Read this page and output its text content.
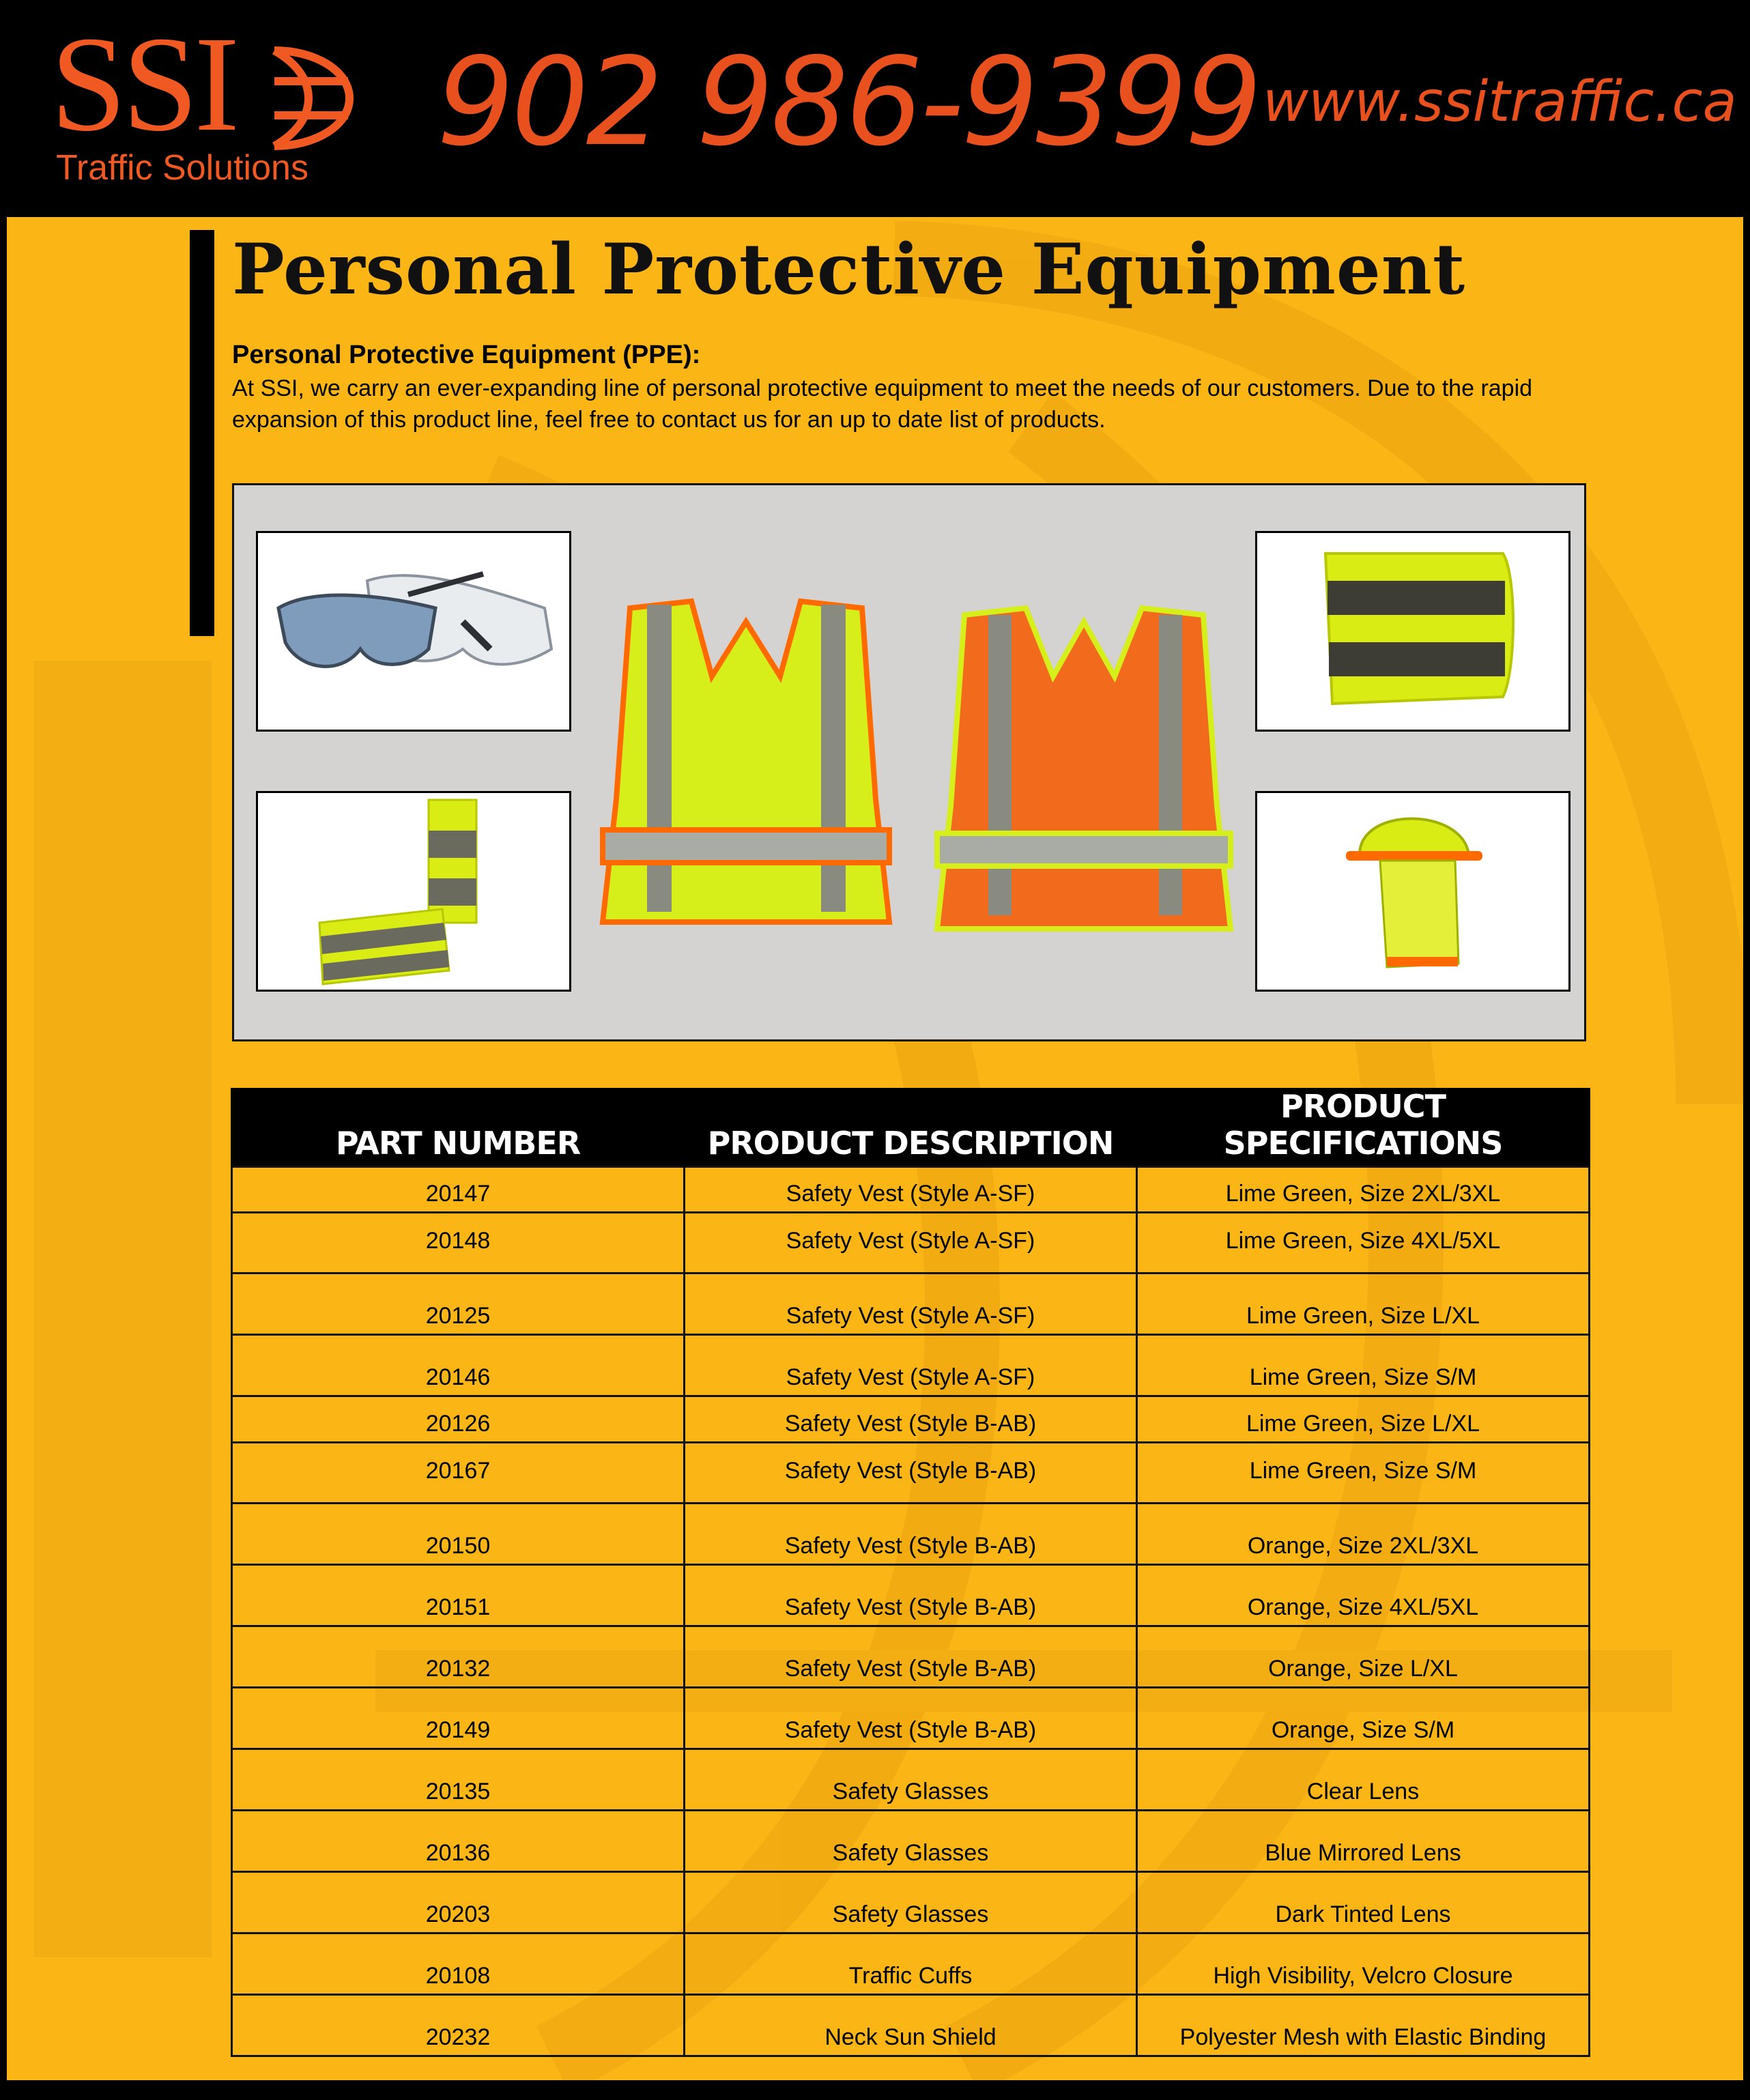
SSI
Traffic Solutions 902 986-9399 www.ssitraffic.ca
Personal Protective Equipment
Personal Protective Equipment (PPE):
At SSI, we carry an ever-expanding line of personal protective equipment to meet the needs of our customers. Due to the rapid expansion of this product line, feel free to contact us for an up to date list of products.
PART NUMBER	PRODUCT DESCRIPTION	PRODUCT SPECIFICATIONS
20147	Safety Vest (Style A-SF)	Lime Green, Size 2XL/3XL
20148	Safety Vest (Style A-SF)	Lime Green, Size 4XL/5XL
20125	Safety Vest (Style A-SF)	Lime Green, Size L/XL
20146	Safety Vest (Style A-SF)	Lime Green, Size S/M
20126	Safety Vest (Style B-AB)	Lime Green, Size L/XL
20167	Safety Vest (Style B-AB)	Lime Green, Size S/M
20150	Safety Vest (Style B-AB)	Orange, Size 2XL/3XL
20151	Safety Vest (Style B-AB)	Orange, Size 4XL/5XL
20132	Safety Vest (Style B-AB)	Orange, Size L/XL
20149	Safety Vest (Style B-AB)	Orange, Size S/M
20135	Safety Glasses	Clear Lens
20136	Safety Glasses	Blue Mirrored Lens
20203	Safety Glasses	Dark Tinted Lens
20108	Traffic Cuffs	High Visibility, Velcro Closure
20232	Neck Sun Shield	Polyester Mesh with Elastic Binding
